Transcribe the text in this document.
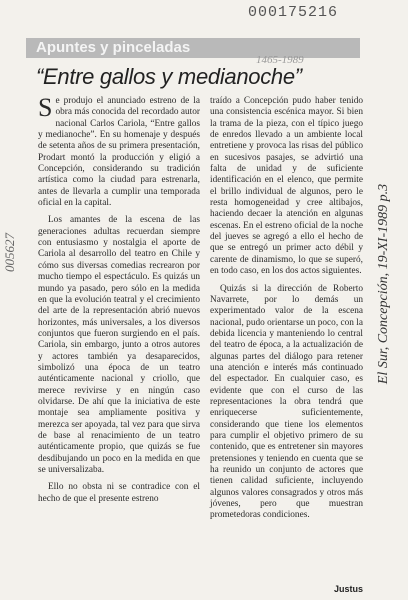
000175216
Apuntes y pinceladas
1465-1989
“Entre gallos y medianoche”
005627

Se produjo el anunciado estreno de la obra más conocida del recordado autor nacional Carlos Cariola, “Entre gallos y medianoche”. En su homenaje y después de setenta años de su primera presentación, Prodart montó la producción y eligió a Concepción, considerando su tradición artística como la ciudad para estrenarla, antes de llevarla a cumplir una temporada oficial en la capital.

Los amantes de la escena de las generaciones adultas recuerdan siempre con entusiasmo y nostalgia el aporte de Cariola al desarrollo del teatro en Chile y cómo sus diversas comedias recrearon por mucho tiempo el espectáculo. Es quizás un mundo ya pasado, pero sólo en la medida en que la evolución teatral y el crecimiento del arte de la representación abrió nuevos horizontes, más universales, a los diversos conjuntos que fueron surgiendo en el país. Cariola, sin embargo, junto a otros autores y actores también ya desaparecidos, simbolizó una época de un teatro auténticamente nacional y criollo, que merece revivirse y en ningún caso olvidarse. De ahí que la iniciativa de este montaje sea ampliamente positiva y merezca ser apoyada, tal vez para que sirva de base al renacimiento de un teatro auténticamente propio, que quizás se fue desdibujando un poco en la medida en que se universalizaba.

Ello no obsta ni se contradice con el hecho de que el presente estreno

traído a Concepción pudo haber tenido una consistencia escénica mayor. Si bien la trama de la pieza, con el típico juego de enredos llevado a un ambiente local entretiene y provoca las risas del público en sucesivos pasajes, se advirtió una falta de unidad y de suficiente identificación en el elenco, que permite el brillo individual de algunos, pero le resta homogeneidad y cree altibajos, haciendo decaer la atención en algunas escenas. En el estreno oficial de la noche del jueves se agregó a ello el hecho de que se entregó un primer acto débil y carente de dinamismo, lo que se superó, en todo caso, en los dos actos siguientes.

Quizás si la dirección de Roberto Navarrete, por lo demás un experimentado valor de la escena nacional, pudo orientarse un poco, con la debida licencia y manteniendo lo central del teatro de época, a la actualización de algunas partes del diálogo para retener una atención e interés más continuado del espectador. En cualquier caso, es evidente que con el curso de las representaciones la obra tendrá que enriquecerse suficientemente, considerando que tiene los elementos para cumplir el objetivo primero de su contenido, que es entretener sin mayores pretensiones y teniendo en cuenta que se ha reunido un conjunto de actores que tienen calidad suficiente, incluyendo algunos valores consagrados y otros más jóvenes, pero que muestran prometedoras condiciones.

El Sur, Concepción, 19-XI-1989 p.3
Justus
